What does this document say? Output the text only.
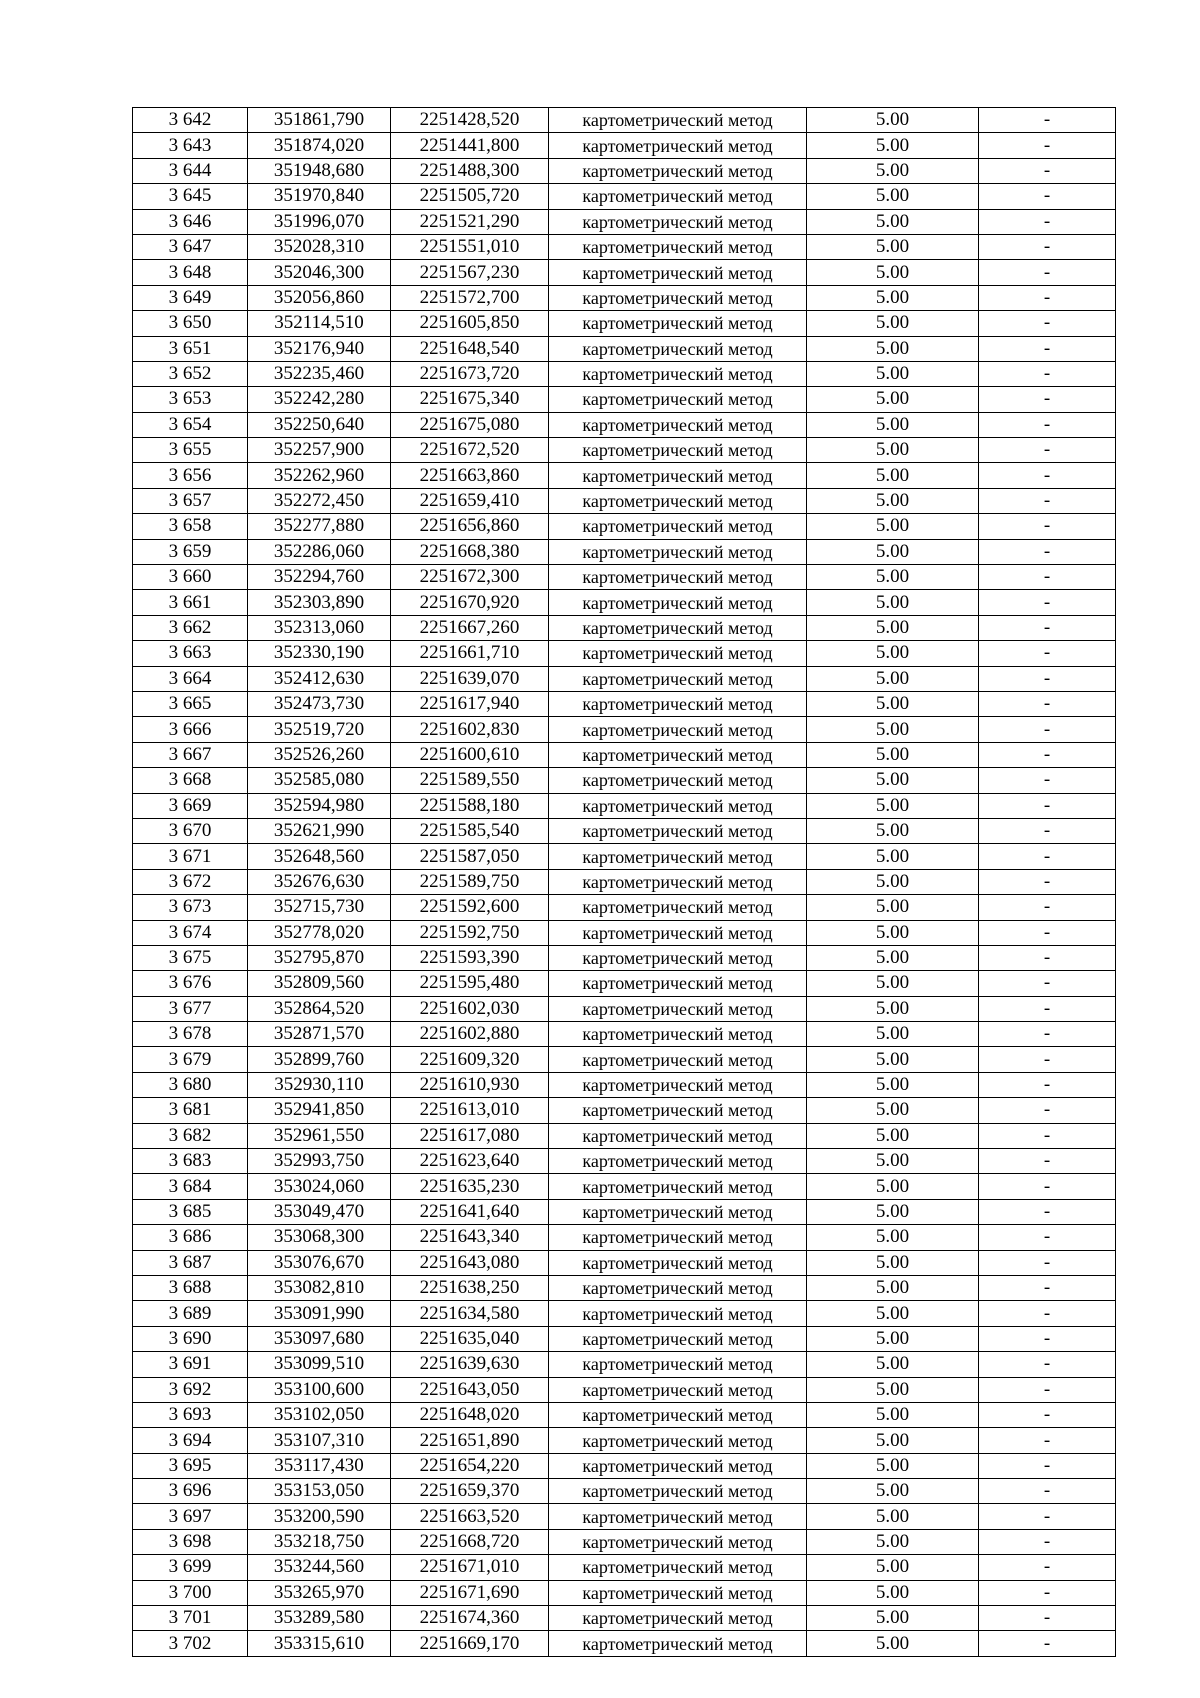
3 642	351861,790	2251428,520	картометрический метод	5.00	-
3 643	351874,020	2251441,800	картометрический метод	5.00	-
3 644	351948,680	2251488,300	картометрический метод	5.00	-
3 645	351970,840	2251505,720	картометрический метод	5.00	-
3 646	351996,070	2251521,290	картометрический метод	5.00	-
3 647	352028,310	2251551,010	картометрический метод	5.00	-
3 648	352046,300	2251567,230	картометрический метод	5.00	-
3 649	352056,860	2251572,700	картометрический метод	5.00	-
3 650	352114,510	2251605,850	картометрический метод	5.00	-
3 651	352176,940	2251648,540	картометрический метод	5.00	-
3 652	352235,460	2251673,720	картометрический метод	5.00	-
3 653	352242,280	2251675,340	картометрический метод	5.00	-
3 654	352250,640	2251675,080	картометрический метод	5.00	-
3 655	352257,900	2251672,520	картометрический метод	5.00	-
3 656	352262,960	2251663,860	картометрический метод	5.00	-
3 657	352272,450	2251659,410	картометрический метод	5.00	-
3 658	352277,880	2251656,860	картометрический метод	5.00	-
3 659	352286,060	2251668,380	картометрический метод	5.00	-
3 660	352294,760	2251672,300	картометрический метод	5.00	-
3 661	352303,890	2251670,920	картометрический метод	5.00	-
3 662	352313,060	2251667,260	картометрический метод	5.00	-
3 663	352330,190	2251661,710	картометрический метод	5.00	-
3 664	352412,630	2251639,070	картометрический метод	5.00	-
3 665	352473,730	2251617,940	картометрический метод	5.00	-
3 666	352519,720	2251602,830	картометрический метод	5.00	-
3 667	352526,260	2251600,610	картометрический метод	5.00	-
3 668	352585,080	2251589,550	картометрический метод	5.00	-
3 669	352594,980	2251588,180	картометрический метод	5.00	-
3 670	352621,990	2251585,540	картометрический метод	5.00	-
3 671	352648,560	2251587,050	картометрический метод	5.00	-
3 672	352676,630	2251589,750	картометрический метод	5.00	-
3 673	352715,730	2251592,600	картометрический метод	5.00	-
3 674	352778,020	2251592,750	картометрический метод	5.00	-
3 675	352795,870	2251593,390	картометрический метод	5.00	-
3 676	352809,560	2251595,480	картометрический метод	5.00	-
3 677	352864,520	2251602,030	картометрический метод	5.00	-
3 678	352871,570	2251602,880	картометрический метод	5.00	-
3 679	352899,760	2251609,320	картометрический метод	5.00	-
3 680	352930,110	2251610,930	картометрический метод	5.00	-
3 681	352941,850	2251613,010	картометрический метод	5.00	-
3 682	352961,550	2251617,080	картометрический метод	5.00	-
3 683	352993,750	2251623,640	картометрический метод	5.00	-
3 684	353024,060	2251635,230	картометрический метод	5.00	-
3 685	353049,470	2251641,640	картометрический метод	5.00	-
3 686	353068,300	2251643,340	картометрический метод	5.00	-
3 687	353076,670	2251643,080	картометрический метод	5.00	-
3 688	353082,810	2251638,250	картометрический метод	5.00	-
3 689	353091,990	2251634,580	картометрический метод	5.00	-
3 690	353097,680	2251635,040	картометрический метод	5.00	-
3 691	353099,510	2251639,630	картометрический метод	5.00	-
3 692	353100,600	2251643,050	картометрический метод	5.00	-
3 693	353102,050	2251648,020	картометрический метод	5.00	-
3 694	353107,310	2251651,890	картометрический метод	5.00	-
3 695	353117,430	2251654,220	картометрический метод	5.00	-
3 696	353153,050	2251659,370	картометрический метод	5.00	-
3 697	353200,590	2251663,520	картометрический метод	5.00	-
3 698	353218,750	2251668,720	картометрический метод	5.00	-
3 699	353244,560	2251671,010	картометрический метод	5.00	-
3 700	353265,970	2251671,690	картометрический метод	5.00	-
3 701	353289,580	2251674,360	картометрический метод	5.00	-
3 702	353315,610	2251669,170	картометрический метод	5.00	-
